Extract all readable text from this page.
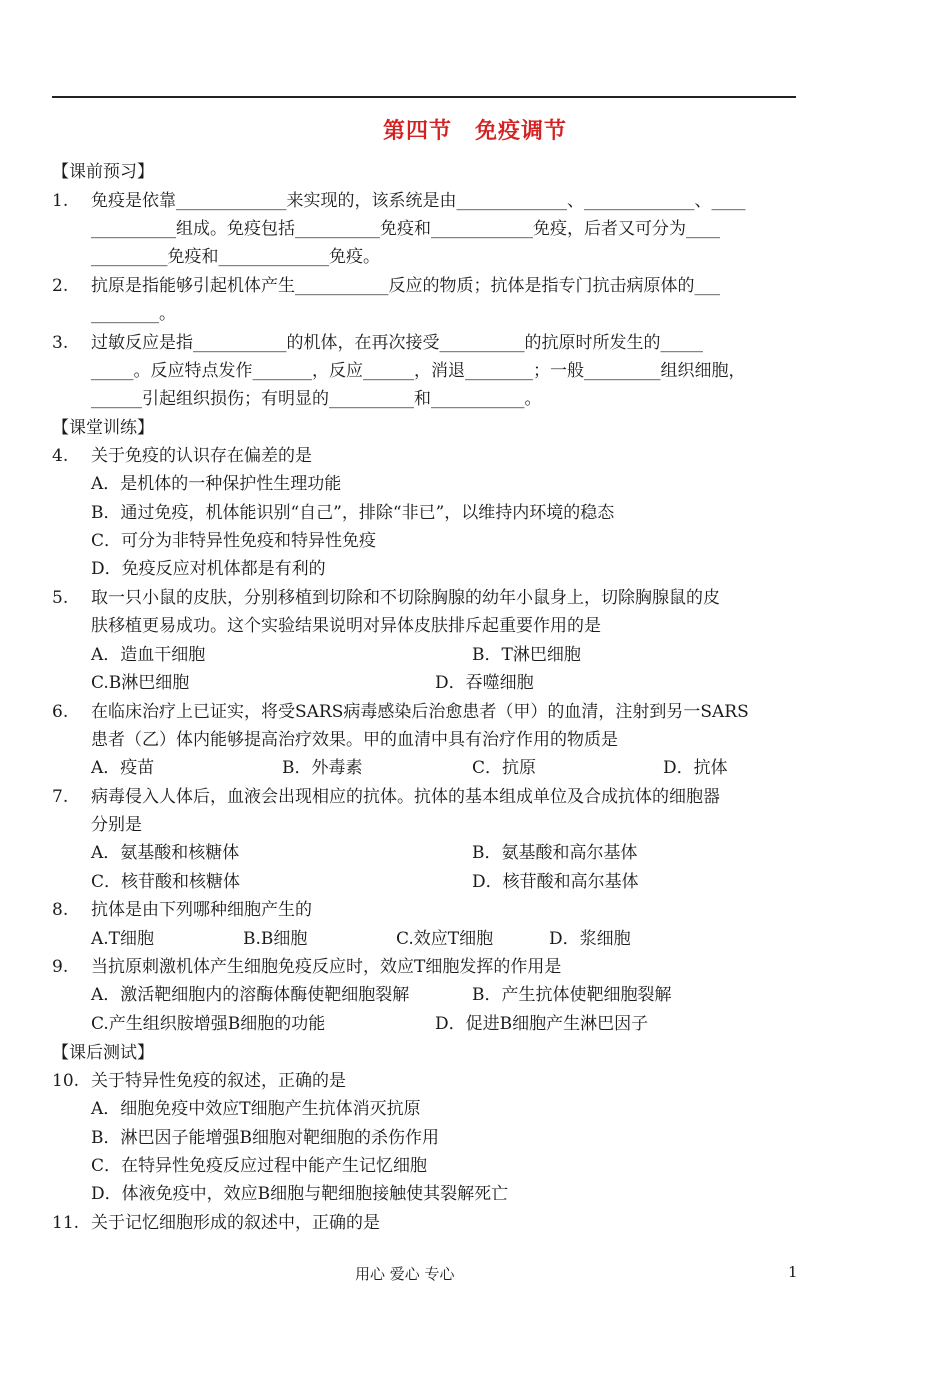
第四节　免疫调节
【课前预习】
1. 免疫是依靠_____________来实现的，该系统是由_____________、_____________、____
__________组成。免疫包括__________免疫和____________免疫，后者又可分为____
_________免疫和_____________免疫。
2. 抗原是指能够引起机体产生___________反应的物质；抗体是指专门抗击病原体的___
________。
3. 过敏反应是指___________的机体，在再次接受__________的抗原时所发生的_____
_____。反应特点发作_______，反应______，消退________；一般_________组织细胞，
______引起组织损伤；有明显的__________和___________。
【课堂训练】
4. 关于免疫的认识存在偏差的是
A．是机体的一种保护性生理功能
B．通过免疫，机体能识别“自己”，排除“非已”，以维持内环境的稳态
C．可分为非特异性免疫和特异性免疫
D．免疫反应对机体都是有利的
5. 取一只小鼠的皮肤，分别移植到切除和不切除胸腺的幼年小鼠身上，切除胸腺鼠的皮
肤移植更易成功。这个实验结果说明对异体皮肤排斥起重要作用的是
A．造血干细胞	B．T淋巴细胞
C.B淋巴细胞	D．吞噬细胞
6. 在临床治疗上已证实，将受SARS病毒感染后治愈患者（甲）的血清，注射到另一SARS
患者（乙）体内能够提高治疗效果。甲的血清中具有治疗作用的物质是
A．疫苗	B．外毒素	C．抗原	D．抗体
7. 病毒侵入人体后，血液会出现相应的抗体。抗体的基本组成单位及合成抗体的细胞器
分别是
A．氨基酸和核糖体	B．氨基酸和高尔基体
C．核苷酸和核糖体	D．核苷酸和高尔基体
8. 抗体是由下列哪种细胞产生的
A.T细胞	B.B细胞	C.效应T细胞	D．浆细胞
9. 当抗原刺激机体产生细胞免疫反应时，效应T细胞发挥的作用是
A．激活靶细胞内的溶酶体酶使靶细胞裂解	B．产生抗体使靶细胞裂解
C.产生组织胺增强B细胞的功能	D．促进B细胞产生淋巴因子
【课后测试】
10. 关于特异性免疫的叙述，正确的是
A．细胞免疫中效应T细胞产生抗体消灭抗原
B．淋巴因子能增强B细胞对靶细胞的杀伤作用
C．在特异性免疫反应过程中能产生记忆细胞
D．体液免疫中，效应B细胞与靶细胞接触使其裂解死亡
11. 关于记忆细胞形成的叙述中，正确的是
用心 爱心 专心	1
